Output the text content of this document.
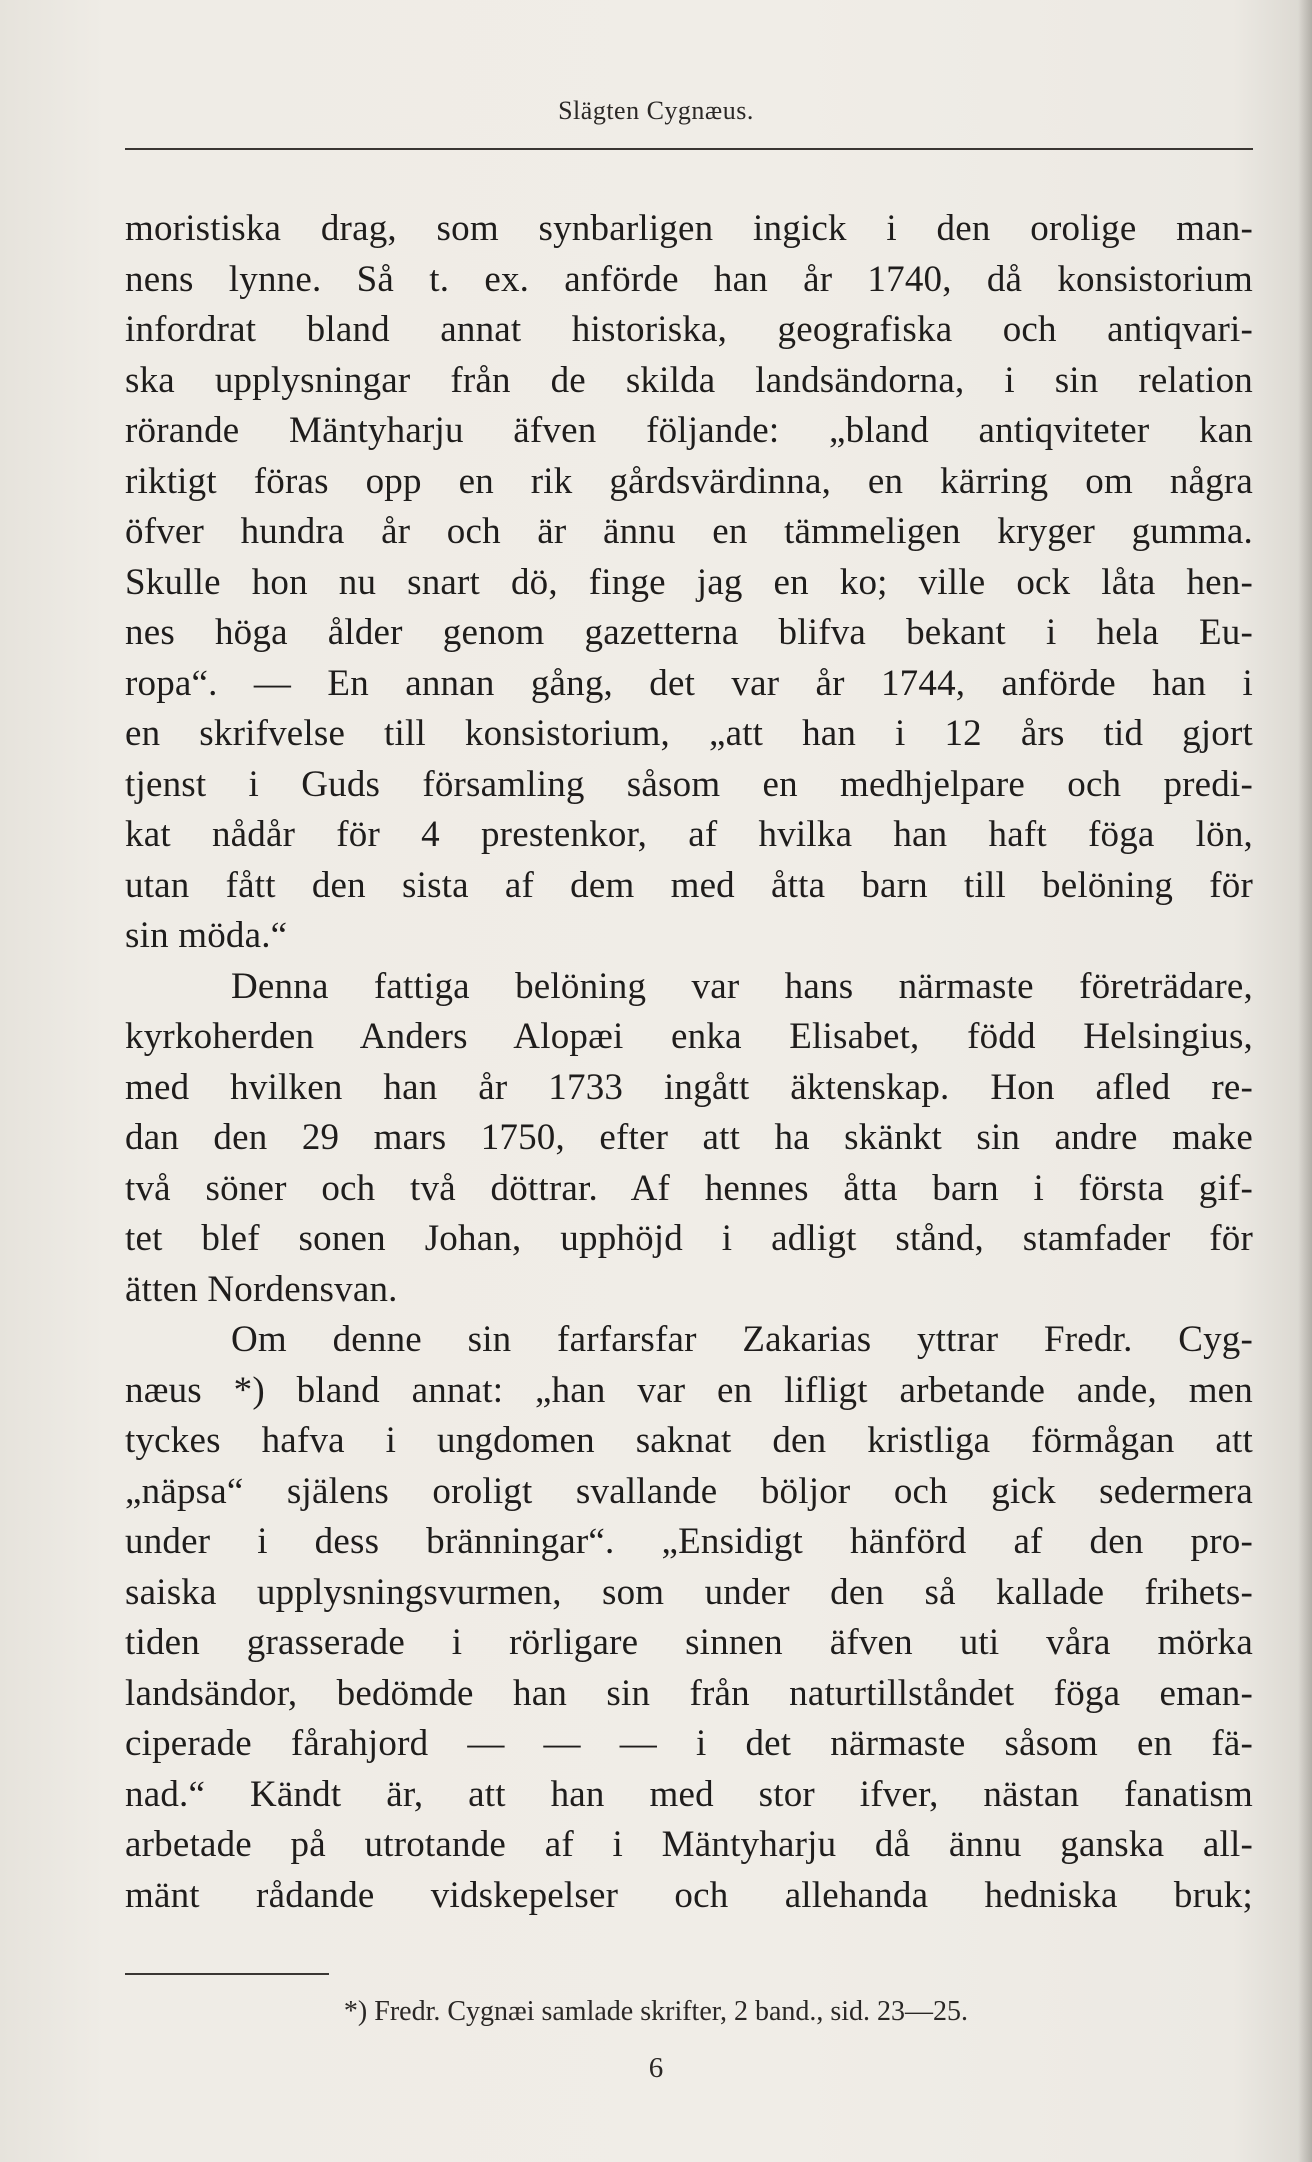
Slägten Cygnæus.
moristiska drag, som synbarligen ingick i den orolige man-
nens lynne. Så t. ex. anförde han år 1740, då konsistorium
infordrat bland annat historiska, geografiska och antiqvari-
ska upplysningar från de skilda landsändorna, i sin relation
rörande Mäntyharju äfven följande: „bland antiqviteter kan
riktigt föras opp en rik gårdsvärdinna, en kärring om några
öfver hundra år och är ännu en tämmeligen kryger gumma.
Skulle hon nu snart dö, finge jag en ko; ville ock låta hen-
nes höga ålder genom gazetterna blifva bekant i hela Eu-
ropa“. — En annan gång, det var år 1744, anförde han i
en skrifvelse till konsistorium, „att han i 12 års tid gjort
tjenst i Guds församling såsom en medhjelpare och predi-
kat nådår för 4 prestenkor, af hvilka han haft föga lön,
utan fått den sista af dem med åtta barn till belöning för
sin möda.“
Denna fattiga belöning var hans närmaste företrädare,
kyrkoherden Anders Alopæi enka Elisabet, född Helsingius,
med hvilken han år 1733 ingått äktenskap. Hon afled re-
dan den 29 mars 1750, efter att ha skänkt sin andre make
två söner och två döttrar. Af hennes åtta barn i första gif-
tet blef sonen Johan, upphöjd i adligt stånd, stamfader för
ätten Nordensvan.
Om denne sin farfarsfar Zakarias yttrar Fredr. Cyg-
næus *) bland annat: „han var en lifligt arbetande ande, men
tyckes hafva i ungdomen saknat den kristliga förmågan att
„näpsa“ själens oroligt svallande böljor och gick sedermera
under i dess bränningar“. „Ensidigt hänförd af den pro-
saiska upplysningsvurmen, som under den så kallade frihets-
tiden grasserade i rörligare sinnen äfven uti våra mörka
landsändor, bedömde han sin från naturtillståndet föga eman-
ciperade fårahjord — — — i det närmaste såsom en fä-
nad.“ Kändt är, att han med stor ifver, nästan fanatism
arbetade på utrotande af i Mäntyharju då ännu ganska all-
mänt rådande vidskepelser och allehanda hedniska bruk;
*) Fredr. Cygnæi samlade skrifter, 2 band., sid. 23—25.
6
